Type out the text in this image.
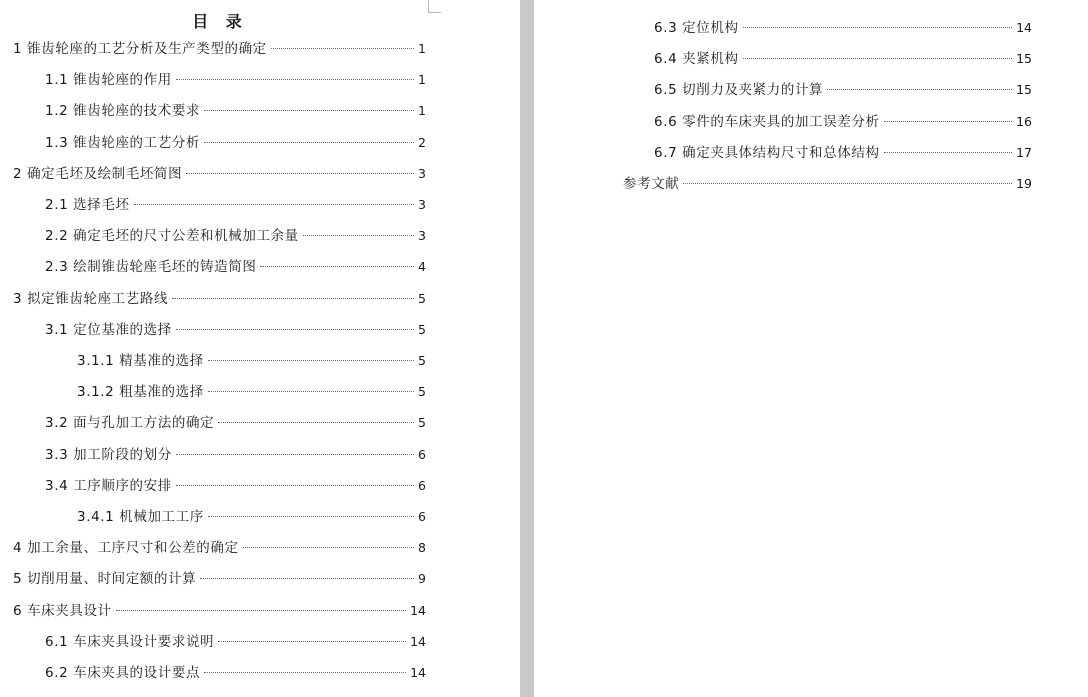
目 录
1 锥齿轮座的工艺分析及生产类型的确定	1
1.1 锥齿轮座的作用	1
1.2 锥齿轮座的技术要求	1
1.3 锥齿轮座的工艺分析	2
2 确定毛坯及绘制毛坯简图	3
2.1 选择毛坯	3
2.2 确定毛坯的尺寸公差和机械加工余量	3
2.3 绘制锥齿轮座毛坯的铸造简图	4
3 拟定锥齿轮座工艺路线	5
3.1 定位基准的选择	5
3.1.1 精基准的选择	5
3.1.2 粗基准的选择	5
3.2 面与孔加工方法的确定	5
3.3 加工阶段的划分	6
3.4 工序顺序的安排	6
3.4.1 机械加工工序	6
4 加工余量、工序尺寸和公差的确定	8
5 切削用量、时间定额的计算	9
6 车床夹具设计	14
6.1 车床夹具设计要求说明	14
6.2 车床夹具的设计要点	14
6.3 定位机构	14
6.4 夹紧机构	15
6.5 切削力及夹紧力的计算	15
6.6 零件的车床夹具的加工误差分析	16
6.7 确定夹具体结构尺寸和总体结构	17
参考文献	19
